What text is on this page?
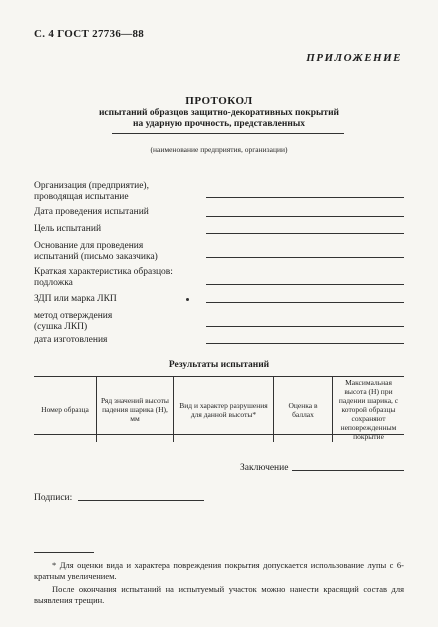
С. 4 ГОСТ 27736—88
ПРИЛОЖЕНИЕ
ПРОТОКОЛ
испытаний образцов защитно-декоративных покрытий
на ударную прочность, представленных
(наименование предприятия, организации)
Организация (предприятие),
проводящая испытание
Дата проведения испытаний
Цель испытаний
Основание для проведения
испытаний (письмо заказчика)
Краткая характеристика образцов:
подложка
ЗДП или марка ЛКП
метод отверждения
(сушка ЛКП)
дата изготовления
Результаты испытаний
Номер образца	Ряд значений высоты падения шарика (H), мм	Вид и характер разрушения для данной высоты*	Оценка в баллах	Максимальная высота (H) при падении шарика, с которой образцы сохраняют неповрежденным покрытие
Заключение
Подписи:
* Для оценки вида и характера повреждения покрытия допускается использование лупы с 6-кратным увеличением.
После окончания испытаний на испытуемый участок можно нанести красящий состав для выявления трещин.
